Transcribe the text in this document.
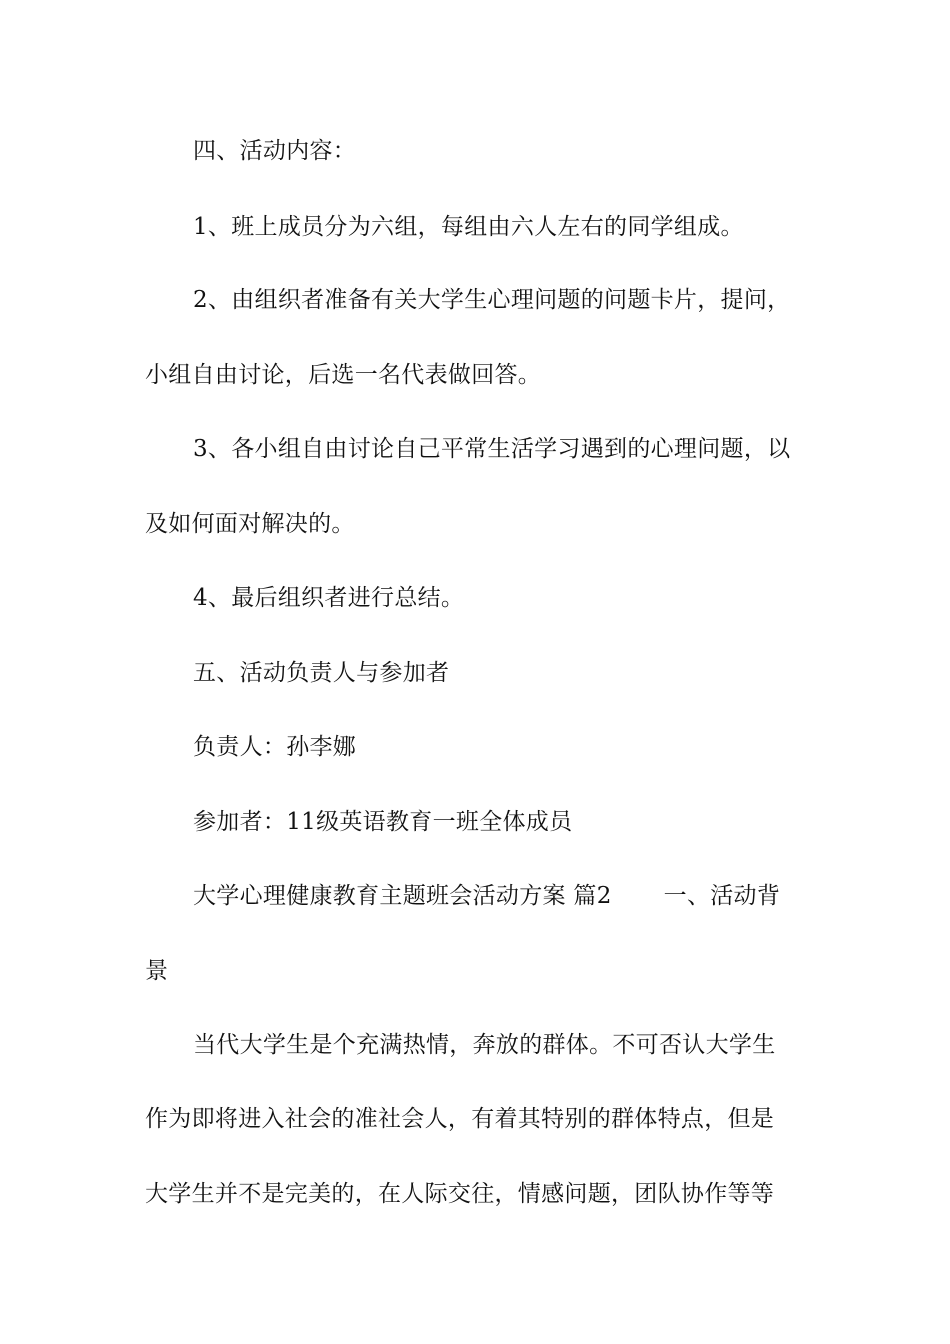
四、活动内容：
1、班上成员分为六组，每组由六人左右的同学组成。
2、由组织者准备有关大学生心理问题的问题卡片，提问，
小组自由讨论，后选一名代表做回答。
3、各小组自由讨论自己平常生活学习遇到的心理问题，以
及如何面对解决的。
4、最后组织者进行总结。
五、活动负责人与参加者
负责人：孙李娜
参加者：11级英语教育一班全体成员
大学心理健康教育主题班会活动方案 篇2 一、活动背
景
当代大学生是个充满热情，奔放的群体。不可否认大学生
作为即将进入社会的准社会人，有着其特别的群体特点，但是
大学生并不是完美的，在人际交往，情感问题，团队协作等等
